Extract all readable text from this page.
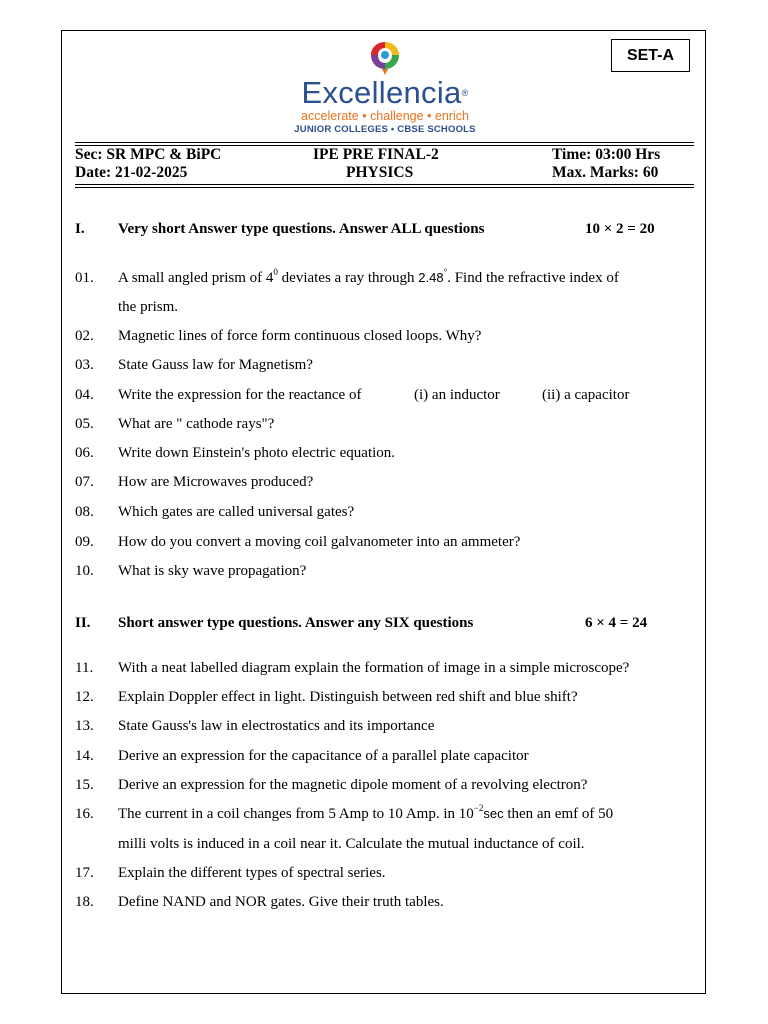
SET-A
Excellencia®
accelerate • challenge • enrich
JUNIOR COLLEGES • CBSE SCHOOLS
Sec: SR MPC & BiPC
Date: 21-02-2025
IPE PRE FINAL-2
PHYSICS
Time: 03:00 Hrs
Max. Marks: 60
I. Very short Answer type questions. Answer ALL questions	10 × 2 = 20
01. A small angled prism of $4^0$ deviates a ray through 2.48°. Find the refractive index of
the prism.
02. Magnetic lines of force form continuous closed loops. Why?
03. State Gauss law for Magnetism?
04. Write the expression for the reactance of	(i) an inductor	(ii) a capacitor
05. What are " cathode rays"?
06. Write down Einstein's photo electric equation.
07. How are Microwaves produced?
08. Which gates are called universal gates?
09. How do you convert a moving coil galvanometer into an ammeter?
10. What is sky wave propagation?
II. Short answer type questions. Answer any SIX questions	6 × 4 = 24
11. With a neat labelled diagram explain the formation of image in a simple microscope?
12. Explain Doppler effect in light. Distinguish between red shift and blue shift?
13. State Gauss's law in electrostatics and its importance
14. Derive an expression for the capacitance of a parallel plate capacitor
15. Derive an expression for the magnetic dipole moment of a revolving electron?
16. The current in a coil changes from 5 Amp to 10 Amp. in $10^{-2}\sec$ then an emf of 50
milli volts is induced in a coil near it. Calculate the mutual inductance of coil.
17. Explain the different types of spectral series.
18. Define NAND and NOR gates. Give their truth tables.
